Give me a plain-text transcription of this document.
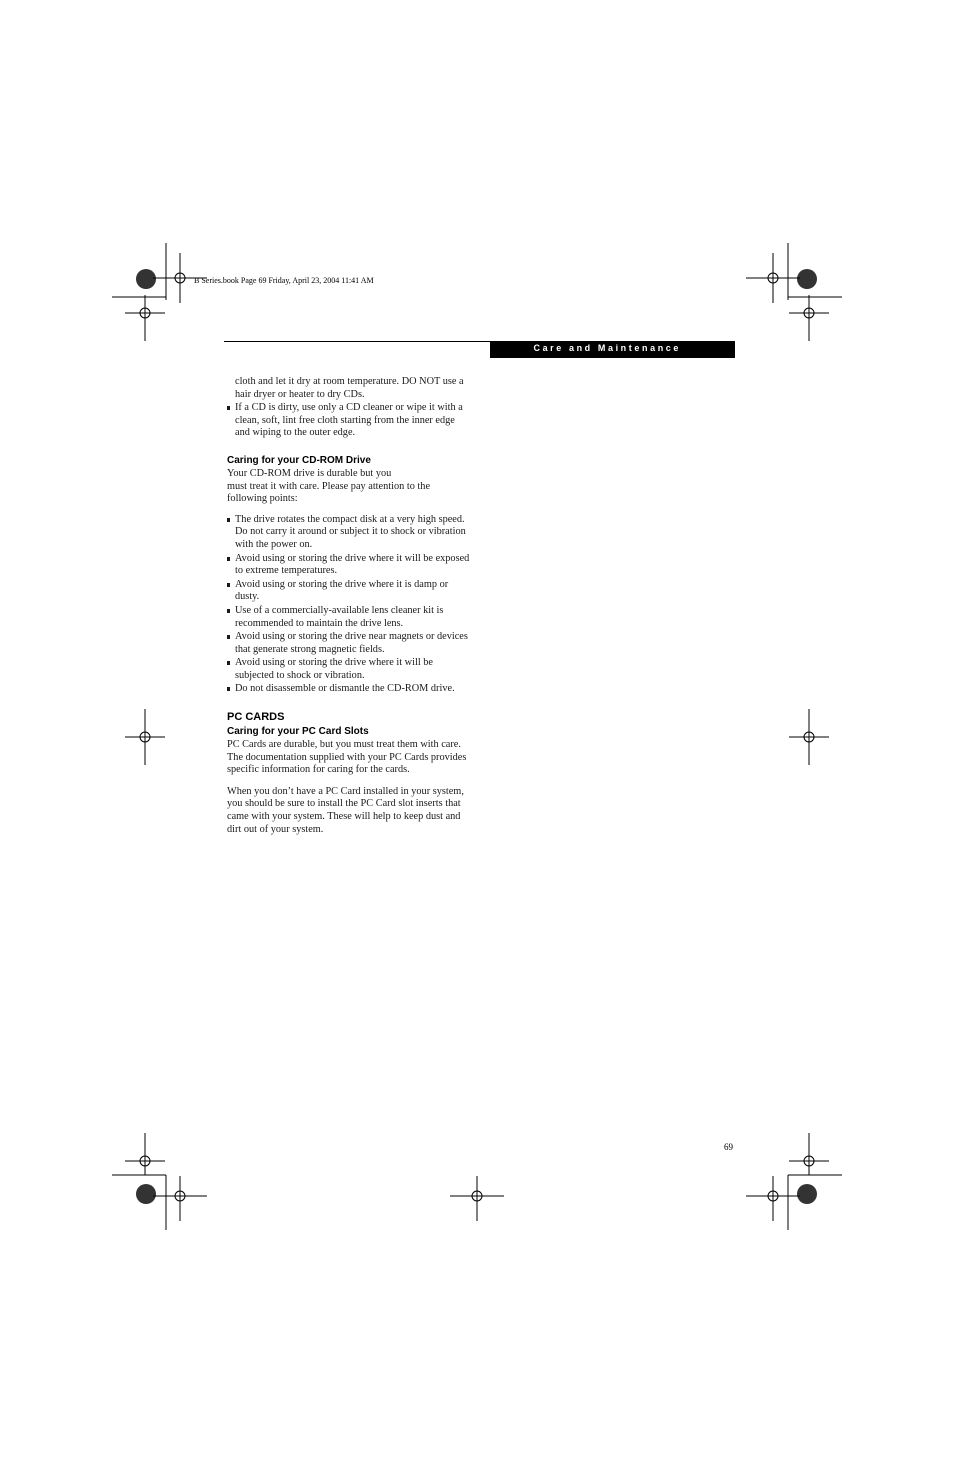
B Series.book Page 69 Friday, April 23, 2004 11:41 AM
Care and Maintenance

cloth and let it dry at room temperature. DO NOT use a hair dryer or heater to dry CDs.

If a CD is dirty, use only a CD cleaner or wipe it with a clean, soft, lint free cloth starting from the inner edge and wiping to the outer edge.
Caring for your CD-ROM Drive

Your CD-ROM drive is durable but you

must treat it with care. Please pay attention to the following points:

The drive rotates the compact disk at a very high speed. Do not carry it around or subject it to shock or vibration with the power on.
Avoid using or storing the drive where it will be exposed to extreme temperatures.
Avoid using or storing the drive where it is damp or dusty.
Use of a commercially-available lens cleaner kit is recommended to maintain the drive lens.
Avoid using or storing the drive near magnets or devices that generate strong magnetic fields.
Avoid using or storing the drive where it will be subjected to shock or vibration.
Do not disassemble or dismantle the CD-ROM drive.
PC CARDS
Caring for your PC Card Slots

PC Cards are durable, but you must treat them with care. The documentation supplied with your PC Cards provides specific information for caring for the cards.

When you don’t have a PC Card installed in your system, you should be sure to install the PC Card slot inserts that came with your system. These will help to keep dust and dirt out of your system.

69
